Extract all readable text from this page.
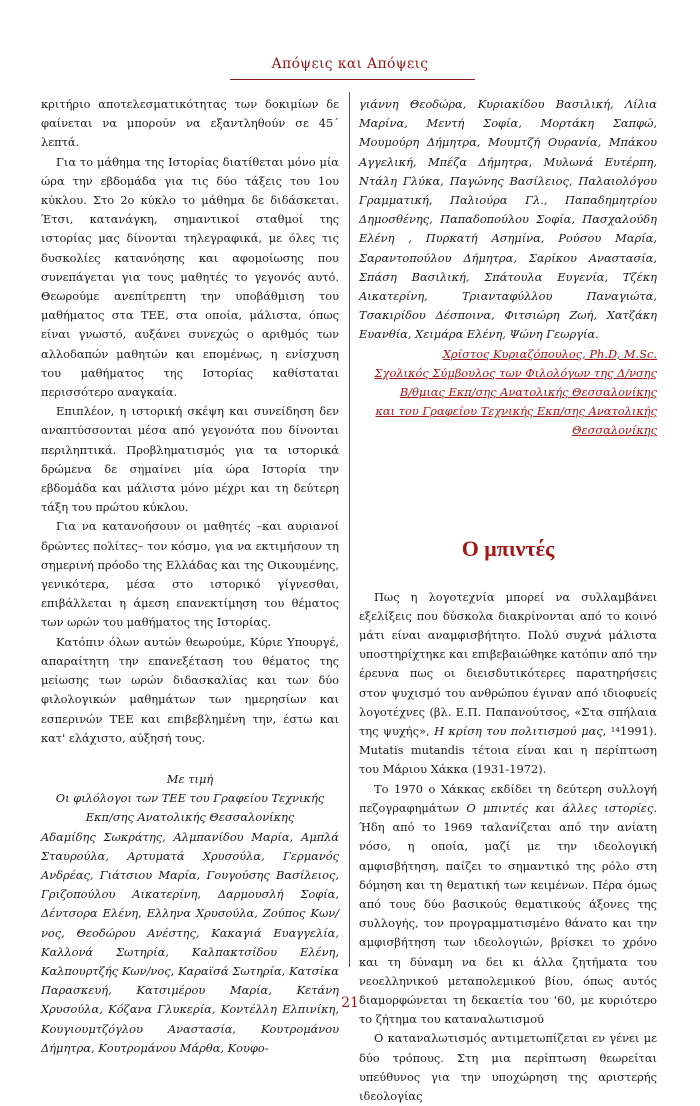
Απόψεις και Απόψεις

κριτήριο αποτελεσματικότητας των δοκιμίων δε φαίνεται να μπορούν να εξαντληθούν σε 45΄ λεπτά.

Για το μάθημα της Ιστορίας διατίθεται μόνο μία ώρα την εβδομάδα για τις δύο τάξεις του 1ου κύκλου. Στο 2ο κύκλο το μάθημα δε διδάσκεται. Έτσι, κατανάγκη, σημαντικοί σταθμοί της ιστορίας μας δίνονται τηλεγραφικά, με όλες τις δυσκολίες κατανόησης και αφομοίωσης που συνεπάγεται για τους μαθητές το γεγονός αυτό. Θεωρούμε ανεπίτρεπτη την υποβάθμιση του μαθήματος στα ΤΕΕ, στα οποία, μάλιστα, όπως είναι γνωστό, αυξάνει συνεχώς ο αριθμός των αλλοδαπών μαθητών και επομένως, η ενίσχυση του μαθήματος της Ιστορίας καθίσταται περισσότερο αναγκαία.

Επιπλέον, η ιστορική σκέψη και συνείδηση δεν αναπτύσσονται μέσα από γεγονότα που δίνονται περιληπτικά. Προβληματισμός για τα ιστορικά δρώμενα δε σημαίνει μία ώρα Ιστορία την εβδομάδα και μάλιστα μόνο μέχρι και τη δεύτερη τάξη του πρώτου κύκλου.

Για να κατανοήσουν οι μαθητές –και αυριανοί δρώντες πολίτες– τον κόσμο, για να εκτιμήσουν τη σημερινή πρόοδο της Ελλάδας και της Οικουμένης, γενικότερα, μέσα στο ιστορικό γίγνεσθαι, επιβάλλεται η άμεση επανεκτίμηση του θέματος των ωρών του μαθήματος της Ιστορίας.

Κατόπιν όλων αυτών θεωρούμε, Κύριε Υπουργέ, απαραίτητη την επανεξέταση του θέματος της μείωσης των ωρών διδασκαλίας και των δύο φιλολογικών μαθημάτων των ημερησίων και εσπερινών ΤΕΕ και επιβεβλημένη την, έστω και κατ' ελάχιστο, αύξησή τους.

Με τιμή

Οι φιλόλογοι των ΤΕΕ του Γραφείου Τεχνικής Εκπ/σης Ανατολικής Θεσσαλονίκης

Αδαμίδης Σωκράτης, Αλμπανίδου Μαρία, Αμπλά Σταυρούλα, Αρτυματά Χρυσούλα, Γερμανός Ανδρέας, Γιάτσιου Μαρία, Γουγούσης Βασίλειος, Γριζοπούλου Αικατερίνη, Δαρμουσλή Σοφία, Δέντσορα Ελένη, Ελληνα Χρυσούλα, Ζούπος Κων/νος, Θεοδώρου Ανέστης, Κακαγιά Ευαγγελία, Καλλονά Σωτηρία, Καλπακτσίδου Ελένη, Καλπουρτζής Κων/νος, Καραϊσά Σωτηρία, Κατσίκα Παρασκευή, Κατσιμέρου Μαρία, Κετάνη Χρυσούλα, Κόζανα Γλυκερία, Κοντέλλη Ελπινίκη, Κουγιουμτζόγλου Αναστασία, Κουτρομάνου Δήμητρα, Κουτρομάνου Μάρθα, Κουφο-

γιάννη Θεοδώρα, Κυριακίδου Βασιλική, Λίλια Μαρίνα, Μεντή Σοφία, Μορτάκη Σαπφώ, Μουμούρη Δήμητρα, Μουμτζή Ουρανία, Μπάκου Αγγελική, Μπέζα Δήμητρα, Μυλωνά Ευτέρπη, Ντάλη Γλύκα, Παγώνης Βασίλειος, Παλαιολόγου Γραμματική, Παλιούρα Γλ., Παπαδημητρίου Δημοσθένης, Παπαδοπούλου Σοφία, Πασχαλούδη Ελένη , Πυρκατή Ασημίνα, Ρούσου Μαρία, Σαραντοπούλου Δήμητρα, Σαρίκου Αναστασία, Σπάση Βασιλική, Σπάτουλα Ευγενία, Τζέκη Αικατερίνη, Τριανταφύλλου Παναγιώτα, Τσακιρίδου Δέσποινα, Φιτσιώρη Ζωή, Χατζάκη Ευανθία, Χειμάρα Ελένη, Ψώνη Γεωργία.

Χρίστος Κυριαζόπουλος, Ph.D, M.Sc.

Σχολικός Σύμβουλος των Φιλολόγων της Δ/νσης

Β/θμιας Εκπ/σης Ανατολικής Θεσσαλονίκης

και του Γραφείου Τεχνικής Εκπ/σης Ανατολικής

Θεσσαλονίκης

Ο μπιντές

Πως η λογοτεχνία μπορεί να συλλαμβάνει εξελίξεις που δύσκολα διακρίνονται από το κοινό μάτι είναι αναμφισβήτητο. Πολύ συχνά μάλιστα υποστηρίχτηκε και επιβεβαιώθηκε κατόπιν από την έρευνα πως οι διεισδυτικότερες παρατηρήσεις στον ψυχισμό του ανθρώπου έγιναν από ιδιοφυείς λογοτέχνες (βλ. Ε.Π. Παπανούτσος, «Στα σπήλαια της ψυχής», Η κρίση του πολιτισμού μας, ¹⁴1991). Mutatis mutandis τέτοια είναι και η περίπτωση του Μάριου Χάκκα (1931-1972).

Το 1970 ο Χάκκας εκδίδει τη δεύτερη συλλογή πεζογραφημάτων Ο μπιντές και άλλες ιστορίες. Ήδη από το 1969 ταλανίζεται από την ανίατη νόσο, η οποία, μαζί με την ιδεολογική αμφισβήτηση, παίζει το σημαντικό της ρόλο στη δόμηση και τη θεματική των κειμένων. Πέρα όμως από τους δύο βασικούς θεματικούς άξονες της συλλογής, τον προγραμματισμένο θάνατο και την αμφισβήτηση των ιδεολογιών, βρίσκει το χρόνο και τη δύναμη να δει κι άλλα ζητήματα του νεοελληνικού μεταπολεμικού βίου, όπως αυτός διαμορφώνεται τη δεκαετία του '60, με κυριότερο το ζήτημα του καταναλωτισμού

Ο καταναλωτισμός αντιμετωπίζεται εν γένει με δύο τρόπους. Στη μια περίπτωση θεωρείται υπεύθυνος για την υποχώρηση της αριστερής ιδεολογίας

21
